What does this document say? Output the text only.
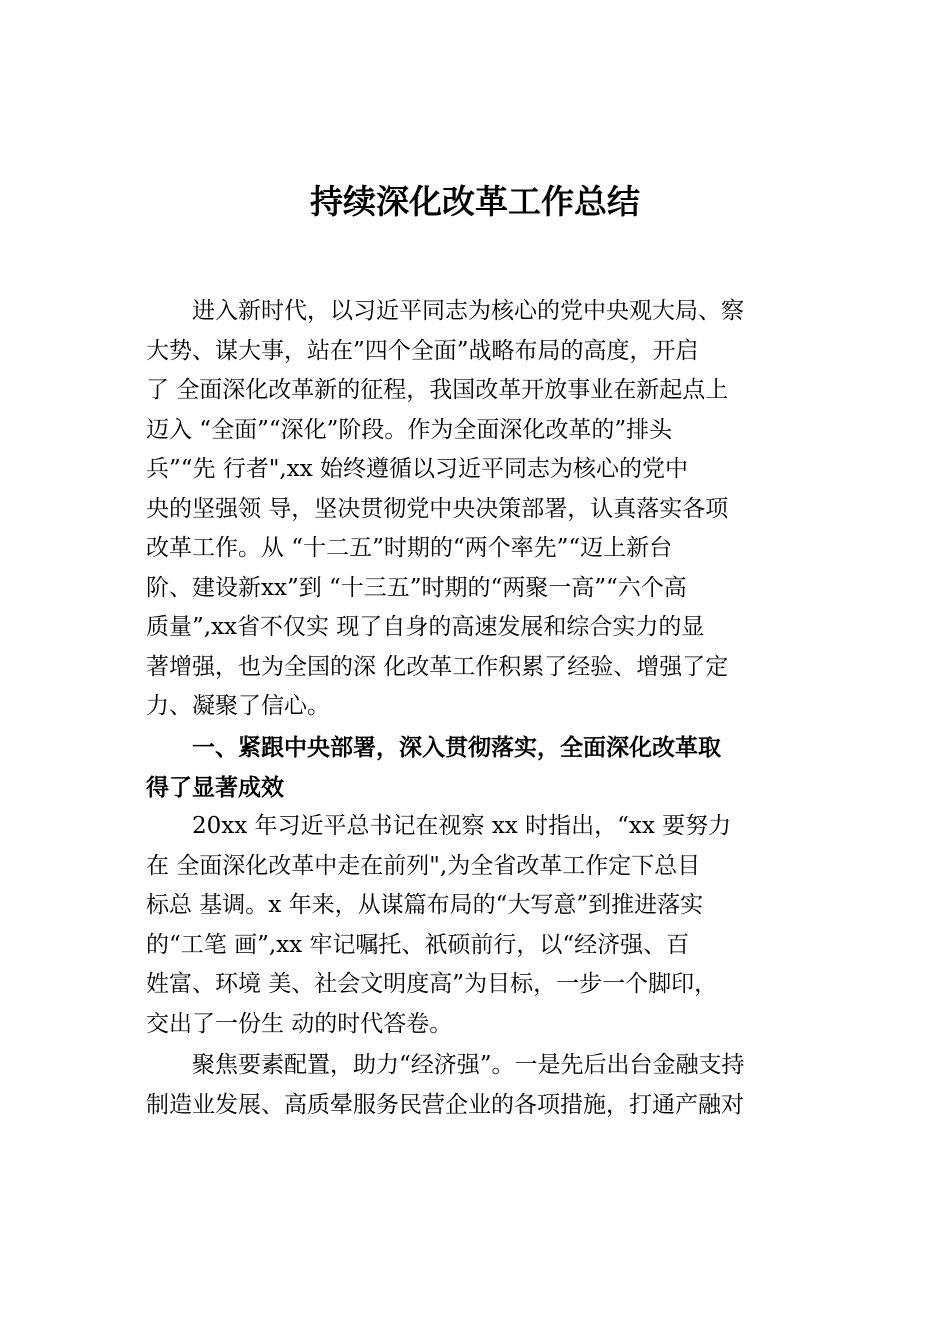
持续深化改革工作总结

进入新时代，以习近平同志为核心的党中央观大局、察
大势、谋大事，站在”四个全面”战略布局的高度，开启
了 全面深化改革新的征程，我国改革开放事业在新起点上
迈入 “全面”“深化”阶段。作为全面深化改革的”排头
兵”“先 行者",xx 始终遵循以习近平同志为核心的党中
央的坚强领 导，坚决贯彻党中央决策部署，认真落实各项
改革工作。从 “十二五”时期的“两个率先”“迈上新台
阶、建设新xx”到 “十三五”时期的“两聚一高”“六个高
质量”,xx省不仅实 现了自身的高速发展和综合实力的显
著增强，也为全国的深 化改革工作积累了经验、增强了定
力、凝聚了信心。

一、紧跟中央部署，深入贯彻落实，全面深化改革取
得了显著成效

20xx 年习近平总书记在视察 xx 时指出，“xx 要努力
在 全面深化改革中走在前列",为全省改革工作定下总目
标总 基调。x 年来，从谋篇布局的“大写意”到推进落实
的“工笔 画”,xx 牢记嘱托、祇硕前行，以“经济强、百
姓富、环境 美、社会文明度高”为目标，一步一个脚印，
交出了一份生 动的时代答卷。

聚焦要素配置，助力“经济强”。一是先后出台金融支持
制造业发展、高质晕服务民营企业的各项措施，打通产融对
